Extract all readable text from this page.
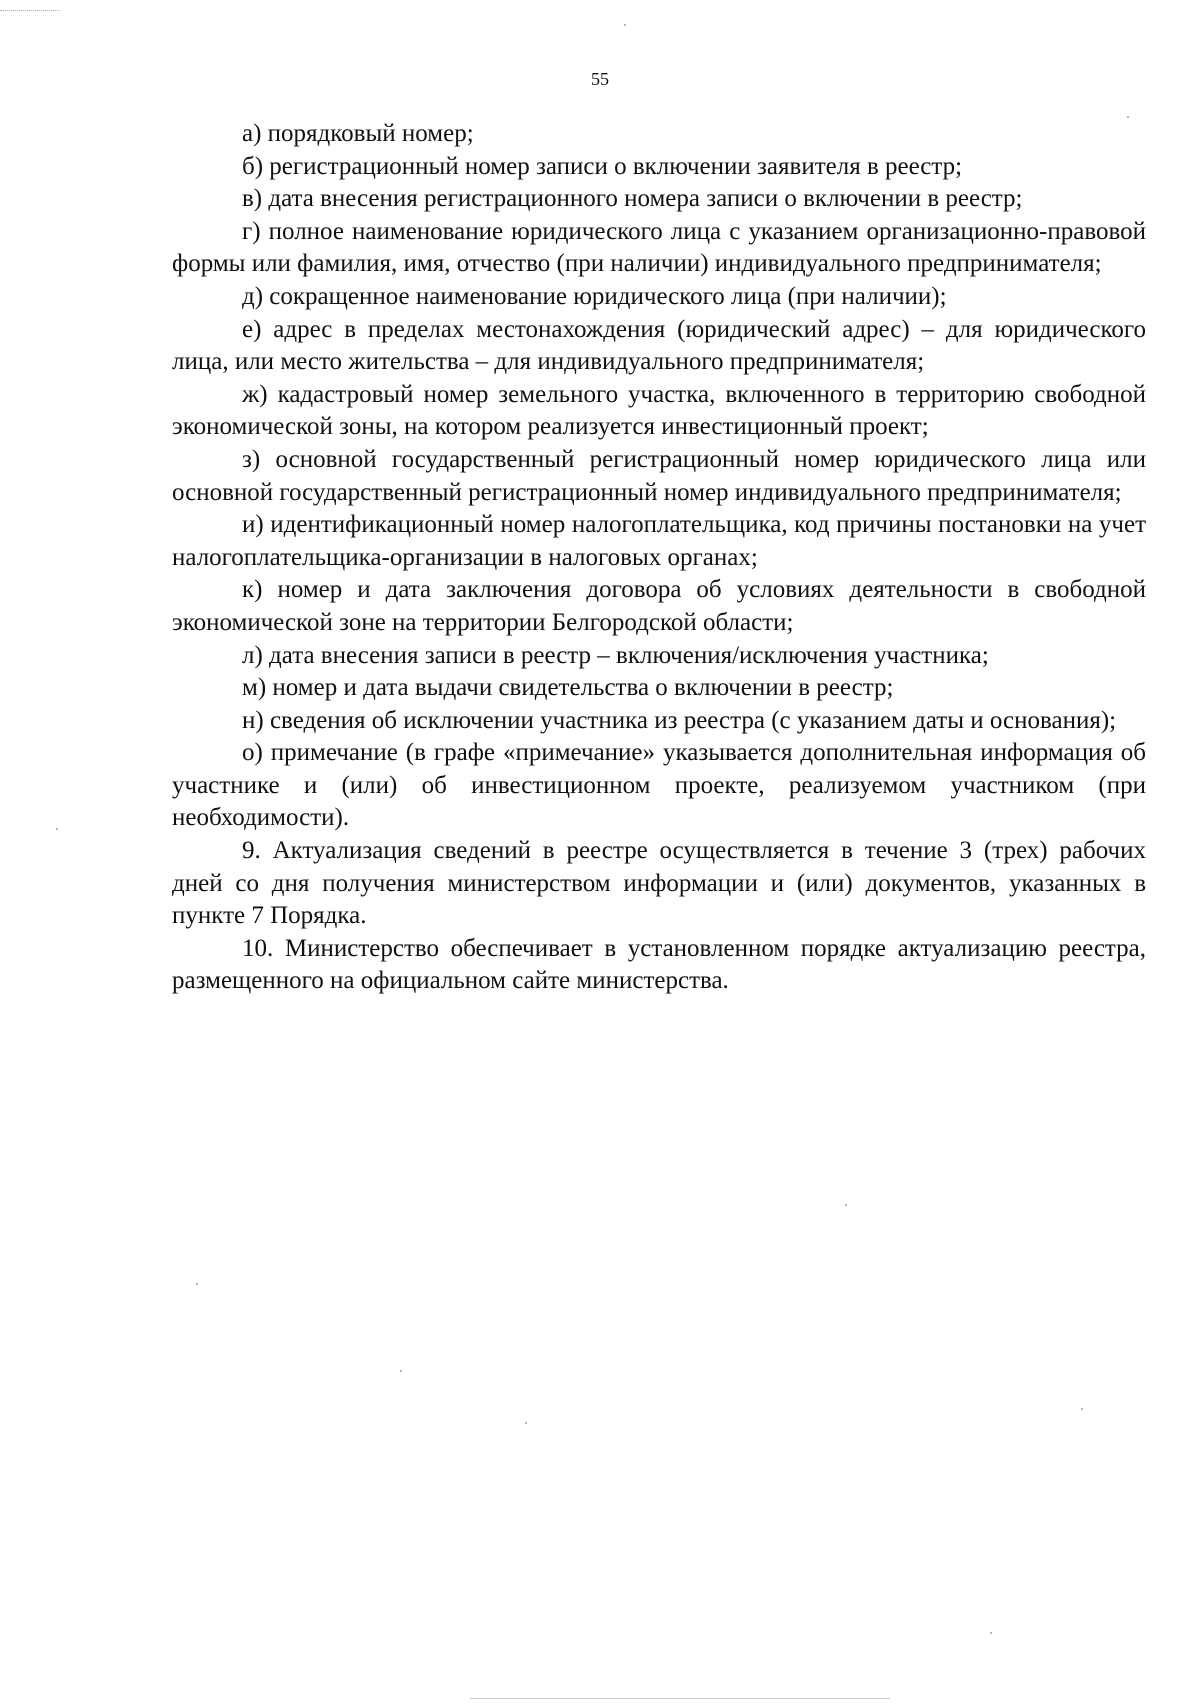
55

а) порядковый номер;

б) регистрационный номер записи о включении заявителя в реестр;

в) дата внесения регистрационного номера записи о включении в реестр;

г) полное наименование юридического лица с указанием организационно-правовой формы или фамилия, имя, отчество (при наличии) индивидуального предпринимателя;

д) сокращенное наименование юридического лица (при наличии);

е) адрес в пределах местонахождения (юридический адрес) – для юридического лица, или место жительства – для индивидуального предпринимателя;

ж) кадастровый номер земельного участка, включенного в территорию свободной экономической зоны, на котором реализуется инвестиционный проект;

з) основной государственный регистрационный номер юридического лица или основной государственный регистрационный номер индивидуального предпринимателя;

и) идентификационный номер налогоплательщика, код причины постановки на учет налогоплательщика-организации в налоговых органах;

к) номер и дата заключения договора об условиях деятельности в свободной экономической зоне на территории Белгородской области;

л) дата внесения записи в реестр – включения/исключения участника;

м) номер и дата выдачи свидетельства о включении в реестр;

н) сведения об исключении участника из реестра (с указанием даты и основания);

о) примечание (в графе «примечание» указывается дополнительная информация об участнике и (или) об инвестиционном проекте, реализуемом участником (при необходимости).

9. Актуализация сведений в реестре осуществляется в течение 3 (трех) рабочих дней со дня получения министерством информации и (или) документов, указанных в пункте 7 Порядка.

10. Министерство обеспечивает в установленном порядке актуализацию реестра, размещенного на официальном сайте министерства.
